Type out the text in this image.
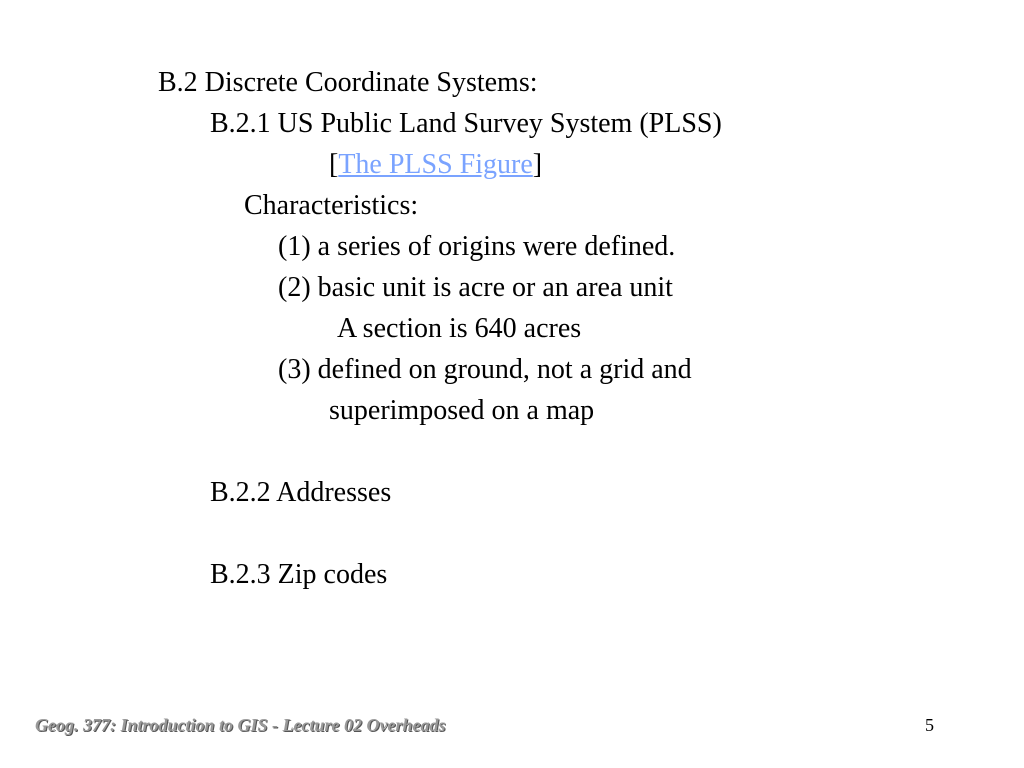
B.2 Discrete Coordinate Systems:
B.2.1 US Public Land Survey System (PLSS)
[The PLSS Figure]
Characteristics:
(1) a series of origins were defined.
(2) basic unit is acre or an area unit
A section is 640 acres
(3) defined on ground, not a grid and
superimposed on a map
B.2.2 Addresses
B.2.3 Zip codes
Geog. 377: Introduction to GIS - Lecture 02 Overheads	5
